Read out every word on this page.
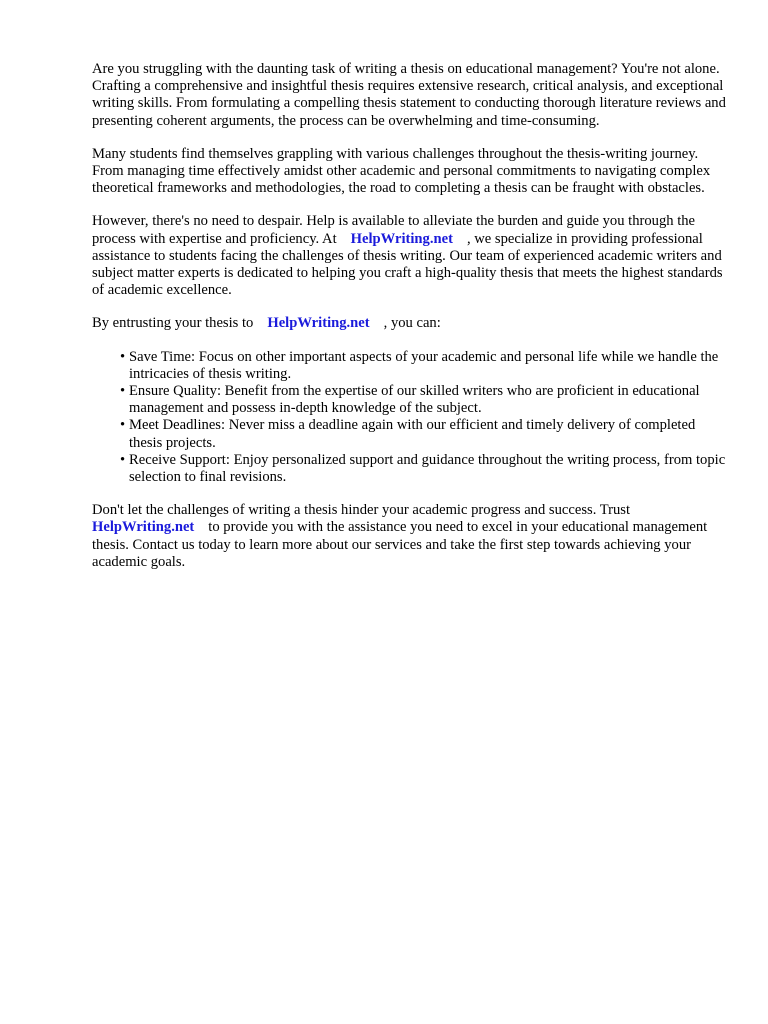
Are you struggling with the daunting task of writing a thesis on educational management? You're not alone. Crafting a comprehensive and insightful thesis requires extensive research, critical analysis, and exceptional writing skills. From formulating a compelling thesis statement to conducting thorough literature reviews and presenting coherent arguments, the process can be overwhelming and time-consuming.

Many students find themselves grappling with various challenges throughout the thesis-writing journey. From managing time effectively amidst other academic and personal commitments to navigating complex theoretical frameworks and methodologies, the road to completing a thesis can be fraught with obstacles.

However, there's no need to despair. Help is available to alleviate the burden and guide you through the process with expertise and proficiency. At HelpWriting.net , we specialize in providing professional assistance to students facing the challenges of thesis writing. Our team of experienced academic writers and subject matter experts is dedicated to helping you craft a high-quality thesis that meets the highest standards of academic excellence.

By entrusting your thesis to HelpWriting.net , you can:

• Save Time: Focus on other important aspects of your academic and personal life while we handle the intricacies of thesis writing.
• Ensure Quality: Benefit from the expertise of our skilled writers who are proficient in educational management and possess in-depth knowledge of the subject.
• Meet Deadlines: Never miss a deadline again with our efficient and timely delivery of completed thesis projects.
• Receive Support: Enjoy personalized support and guidance throughout the writing process, from topic selection to final revisions.

Don't let the challenges of writing a thesis hinder your academic progress and success. Trust
HelpWriting.net to provide you with the assistance you need to excel in your educational management thesis. Contact us today to learn more about our services and take the first step towards achieving your academic goals.
